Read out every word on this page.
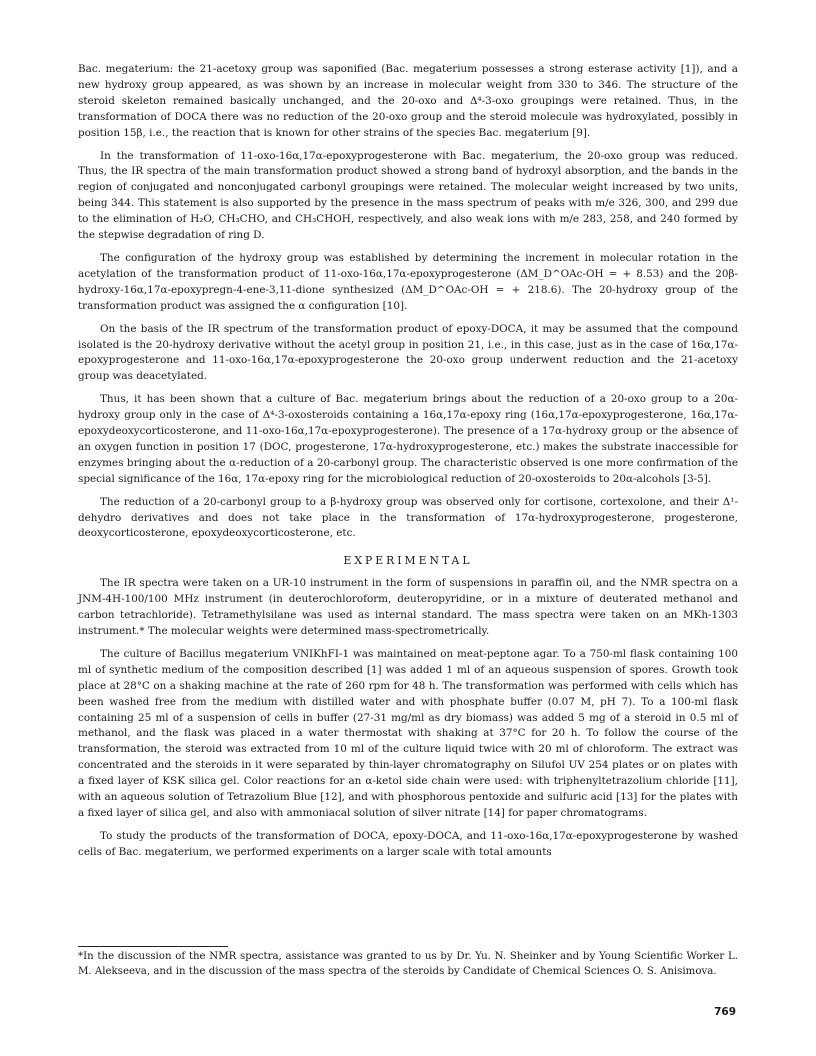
Bac. megaterium: the 21-acetoxy group was saponified (Bac. megaterium possesses a strong esterase activity [1]), and a new hydroxy group appeared, as was shown by an increase in molecular weight from 330 to 346. The structure of the steroid skeleton remained basically unchanged, and the 20-oxo and Δ⁴-3-oxo groupings were retained. Thus, in the transformation of DOCA there was no reduction of the 20-oxo group and the steroid molecule was hydroxylated, possibly in position 15β, i.e., the reaction that is known for other strains of the species Bac. megaterium [9].

In the transformation of 11-oxo-16α,17α-epoxyprogesterone with Bac. megaterium, the 20-oxo group was reduced. Thus, the IR spectra of the main transformation product showed a strong band of hydroxyl absorption, and the bands in the region of conjugated and nonconjugated carbonyl groupings were retained. The molecular weight increased by two units, being 344. This statement is also supported by the presence in the mass spectrum of peaks with m/e 326, 300, and 299 due to the elimination of H₂O, CH₃CHO, and CH₃CHOH, respectively, and also weak ions with m/e 283, 258, and 240 formed by the stepwise degradation of ring D.

The configuration of the hydroxy group was established by determining the increment in molecular rotation in the acetylation of the transformation product of 11-oxo-16α,17α-epoxyprogesterone (ΔM_D^OAc-OH = + 8.53) and the 20β-hydroxy-16α,17α-epoxypregn-4-ene-3,11-dione synthesized (ΔM_D^OAc-OH = + 218.6). The 20-hydroxy group of the transformation product was assigned the α configuration [10].

On the basis of the IR spectrum of the transformation product of epoxy-DOCA, it may be assumed that the compound isolated is the 20-hydroxy derivative without the acetyl group in position 21, i.e., in this case, just as in the case of 16α,17α-epoxyprogesterone and 11-oxo-16α,17α-epoxyprogesterone the 20-oxo group underwent reduction and the 21-acetoxy group was deacetylated.

Thus, it has been shown that a culture of Bac. megaterium brings about the reduction of a 20-oxo group to a 20α-hydroxy group only in the case of Δ⁴-3-oxosteroids containing a 16α,17α-epoxy ring (16α,17α-epoxyprogesterone, 16α,17α-epoxydeoxycorticosterone, and 11-oxo-16α,17α-epoxyprogesterone). The presence of a 17α-hydroxy group or the absence of an oxygen function in position 17 (DOC, progesterone, 17α-hydroxyprogesterone, etc.) makes the substrate inaccessible for enzymes bringing about the α-reduction of a 20-carbonyl group. The characteristic observed is one more confirmation of the special significance of the 16α, 17α-epoxy ring for the microbiological reduction of 20-oxosteroids to 20α-alcohols [3-5].

The reduction of a 20-carbonyl group to a β-hydroxy group was observed only for cortisone, cortexolone, and their Δ¹-dehydro derivatives and does not take place in the transformation of 17α-hydroxyprogesterone, progesterone, deoxycorticosterone, epoxydeoxycorticosterone, etc.

EXPERIMENTAL

The IR spectra were taken on a UR-10 instrument in the form of suspensions in paraffin oil, and the NMR spectra on a JNM-4H-100/100 MHz instrument (in deuterochloroform, deuteropyridine, or in a mixture of deuterated methanol and carbon tetrachloride). Tetramethylsilane was used as internal standard. The mass spectra were taken on an MKh-1303 instrument.* The molecular weights were determined mass-spectrometrically.

The culture of Bacillus megaterium VNIKhFI-1 was maintained on meat-peptone agar. To a 750-ml flask containing 100 ml of synthetic medium of the composition described [1] was added 1 ml of an aqueous suspension of spores. Growth took place at 28°C on a shaking machine at the rate of 260 rpm for 48 h. The transformation was performed with cells which has been washed free from the medium with distilled water and with phosphate buffer (0.07 M, pH 7). To a 100-ml flask containing 25 ml of a suspension of cells in buffer (27-31 mg/ml as dry biomass) was added 5 mg of a steroid in 0.5 ml of methanol, and the flask was placed in a water thermostat with shaking at 37°C for 20 h. To follow the course of the transformation, the steroid was extracted from 10 ml of the culture liquid twice with 20 ml of chloroform. The extract was concentrated and the steroids in it were separated by thin-layer chromatography on Silufol UV 254 plates or on plates with a fixed layer of KSK silica gel. Color reactions for an α-ketol side chain were used: with triphenyltetrazolium chloride [11], with an aqueous solution of Tetrazolium Blue [12], and with phosphorous pentoxide and sulfuric acid [13] for the plates with a fixed layer of silica gel, and also with ammoniacal solution of silver nitrate [14] for paper chromatograms.

To study the products of the transformation of DOCA, epoxy-DOCA, and 11-oxo-16α,17α-epoxyprogesterone by washed cells of Bac. megaterium, we performed experiments on a larger scale with total amounts

*In the discussion of the NMR spectra, assistance was granted to us by Dr. Yu. N. Sheinker and by Young Scientific Worker L. M. Alekseeva, and in the discussion of the mass spectra of the steroids by Candidate of Chemical Sciences O. S. Anisimova.

769
